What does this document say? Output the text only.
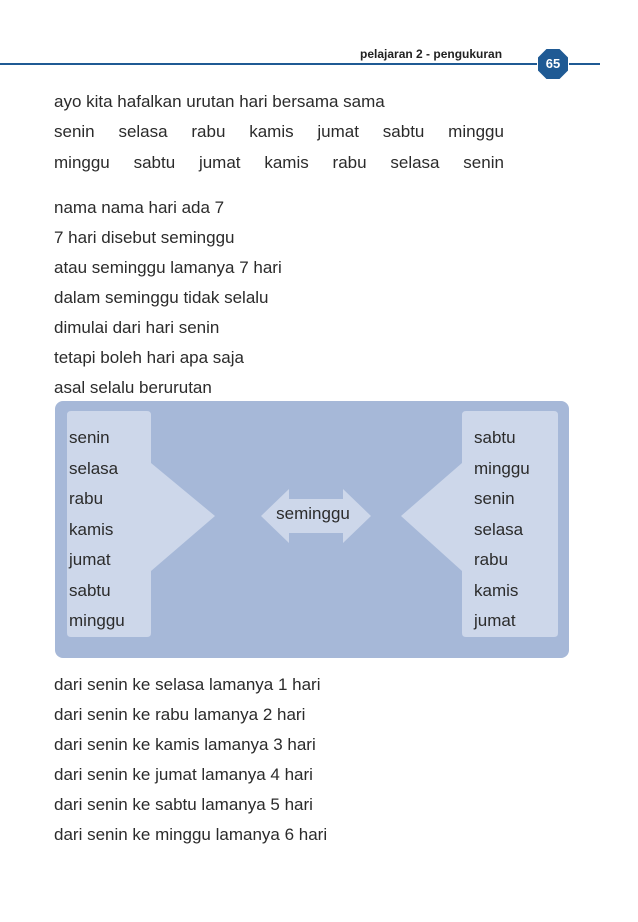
pelajaran 2 - pengukuran
65
ayo kita hafalkan urutan hari bersama sama
senin selasa rabu kamis jumat sabtu minggu
minggu sabtu jumat kamis rabu selasa senin
nama nama hari ada 7
7 hari disebut seminggu
atau seminggu lamanya 7 hari
dalam seminggu tidak selalu
dimulai dari hari senin
tetapi boleh hari apa saja
asal selalu berurutan
senin
selasa
rabu
kamis
jumat
sabtu
minggu
seminggu
sabtu
minggu
senin
selasa
rabu
kamis
jumat
dari senin ke selasa lamanya 1 hari
dari senin ke rabu lamanya 2 hari
dari senin ke kamis lamanya 3 hari
dari senin ke jumat lamanya 4 hari
dari senin ke sabtu lamanya 5 hari
dari senin ke minggu lamanya 6 hari
